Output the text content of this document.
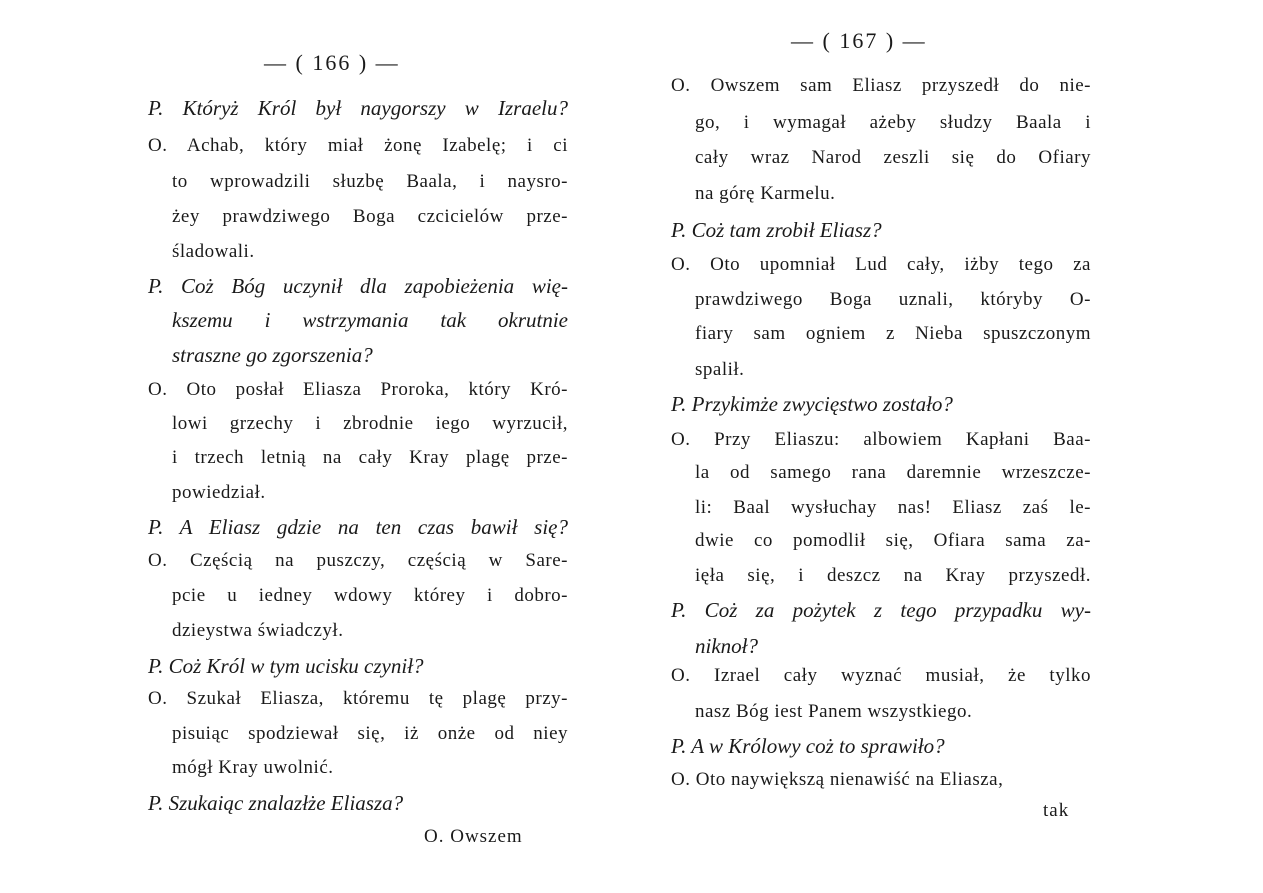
— ( 166 ) —
P. Któryż Król był naygorszy w Izraelu?
O. Achab, który miał żonę Izabelę; i ci
to wprowadzili słuzbę Baala, i naysro-
żey prawdziwego Boga czcicielów prze-
śladowali.
P. Coż Bóg uczynił dla zapobieżenia wię-
kszemu i wstrzymania tak okrutnie
straszne go zgorszenia?
O. Oto posłał Eliasza Proroka, który Kró-
lowi grzechy i zbrodnie iego wyrzucił,
i trzech letnią na cały Kray plagę prze-
powiedział.
P. A Eliasz gdzie na ten czas bawił się?
O. Częścią na puszczy, częścią w Sare-
pcie u iedney wdowy którey i dobro-
dzieystwa świadczył.
P. Coż Król w tym ucisku czynił?
O. Szukał Eliasza, któremu tę plagę przy-
pisuiąc spodziewał się, iż onże od niey
mógł Kray uwolnić.
P. Szukaiąc znalazłże Eliasza?
O. Owszem
— ( 167 ) —
O. Owszem sam Eliasz przyszedł do nie-
go, i wymagał ażeby słudzy Baala i
cały wraz Narod zeszli się do Ofiary
na górę Karmelu.
P. Coż tam zrobił Eliasz?
O. Oto upomniał Lud cały, iżby tego za
prawdziwego Boga uznali, któryby O-
fiary sam ogniem z Nieba spuszczonym
spalił.
P. Przykimże zwycięstwo zostało?
O. Przy Eliaszu: albowiem Kapłani Baa-
la od samego rana daremnie wrzeszcze-
li: Baal wysłuchay nas! Eliasz zaś le-
dwie co pomodlił się, Ofiara sama za-
ięła się, i deszcz na Kray przyszedł.
P. Coż za pożytek z tego przypadku wy-
niknoł?
O. Izrael cały wyznać musiał, że tylko
nasz Bóg iest Panem wszystkiego.
P. A w Królowy coż to sprawiło?
O. Oto naywiększą nienawiść na Eliasza,
tak
